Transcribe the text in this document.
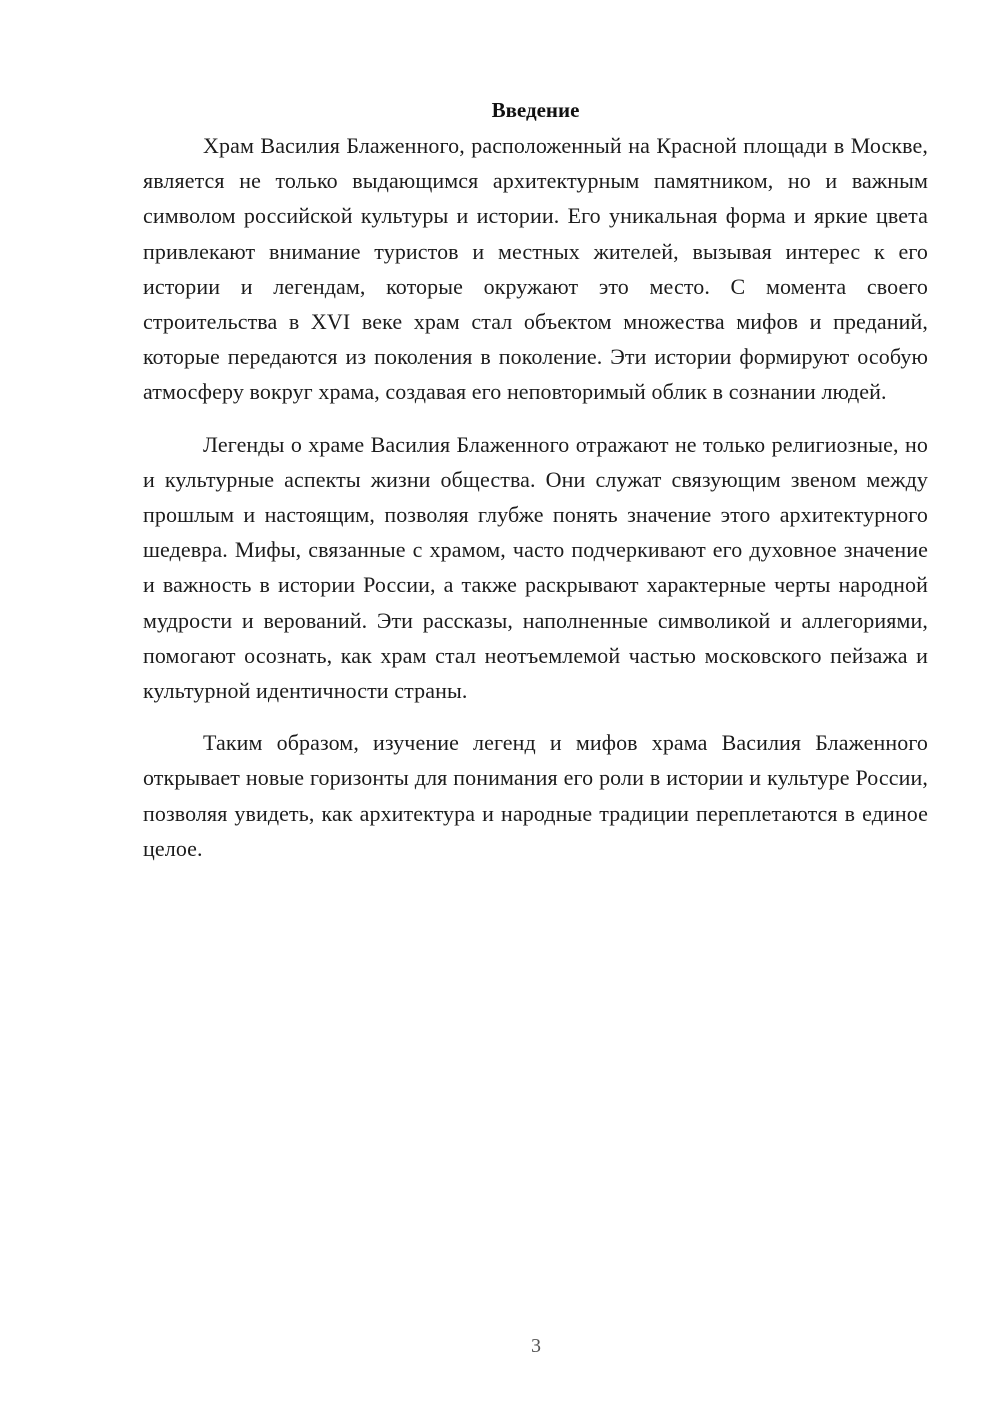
Введение

Храм Василия Блаженного, расположенный на Красной площади в Москве, является не только выдающимся архитектурным памятником, но и важным символом российской культуры и истории. Его уникальная форма и яркие цвета привлекают внимание туристов и местных жителей, вызывая интерес к его истории и легендам, которые окружают это место. С момента своего строительства в XVI веке храм стал объектом множества мифов и преданий, которые передаются из поколения в поколение. Эти истории формируют особую атмосферу вокруг храма, создавая его неповторимый облик в сознании людей.

Легенды о храме Василия Блаженного отражают не только религиозные, но и культурные аспекты жизни общества. Они служат связующим звеном между прошлым и настоящим, позволяя глубже понять значение этого архитектурного шедевра. Мифы, связанные с храмом, часто подчеркивают его духовное значение и важность в истории России, а также раскрывают характерные черты народной мудрости и верований. Эти рассказы, наполненные символикой и аллегориями, помогают осознать, как храм стал неотъемлемой частью московского пейзажа и культурной идентичности страны.

Таким образом, изучение легенд и мифов храма Василия Блаженного открывает новые горизонты для понимания его роли в истории и культуре России, позволяя увидеть, как архитектура и народные традиции переплетаются в единое целое.

3
